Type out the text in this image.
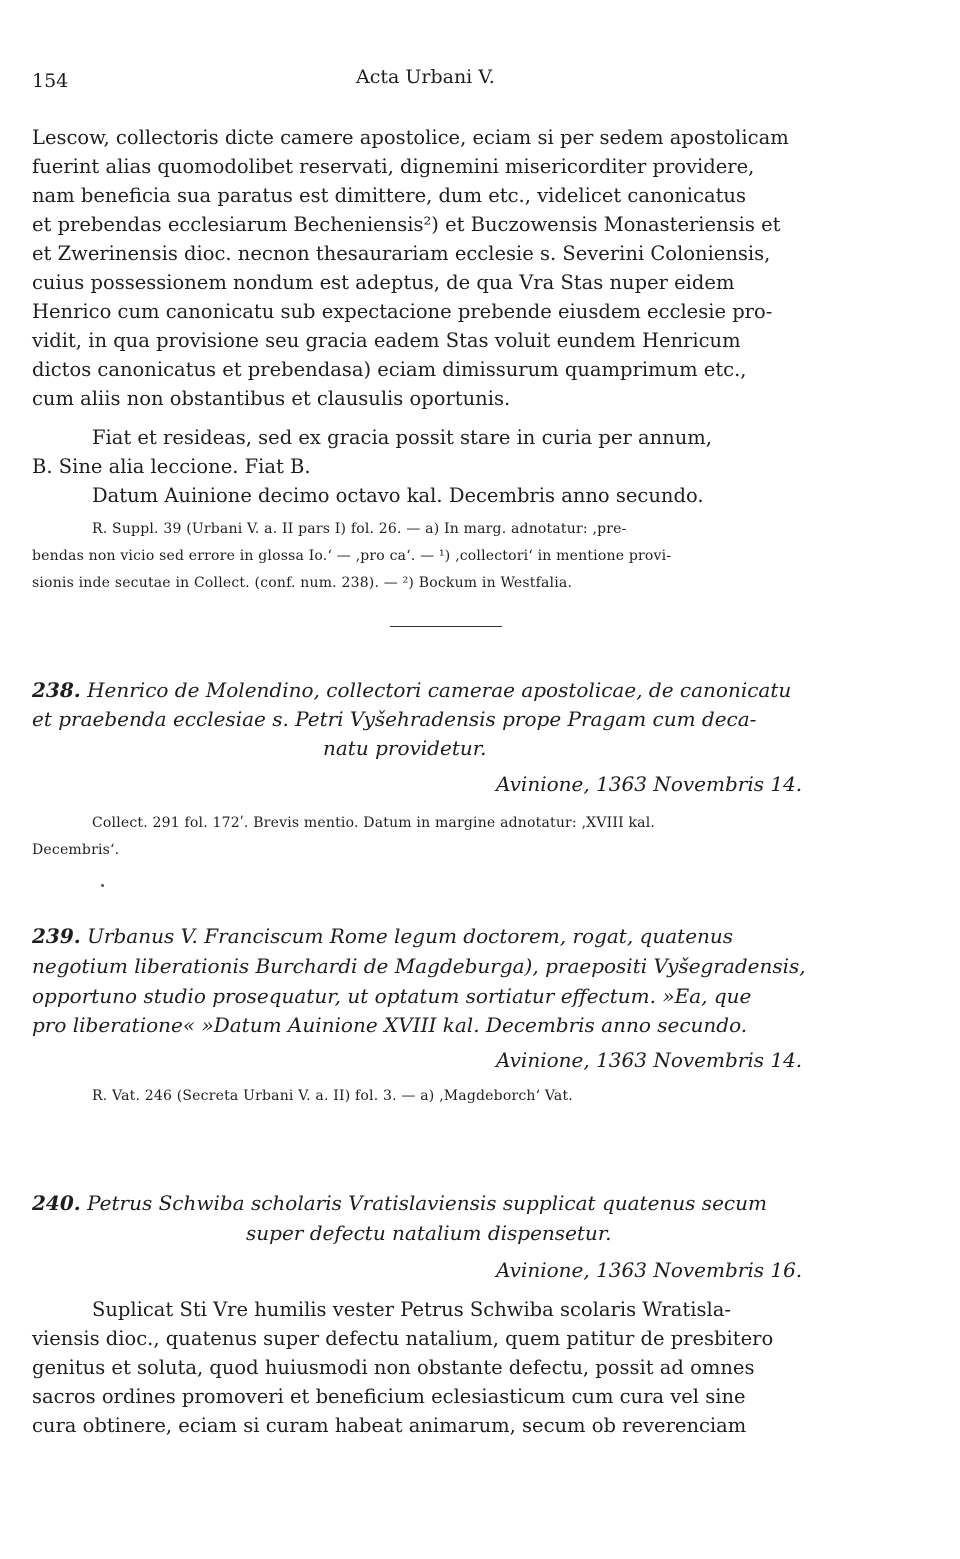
154	Acta Urbani V.
Lescow, collectoris dicte camere apostolice, eciam si per sedem apostolicam
fuerint alias quomodolibet reservati, dignemini misericorditer providere,
nam beneficia sua paratus est dimittere, dum etc., videlicet canonicatus
et prebendas ecclesiarum Becheniensis²) et Buczowensis Monasteriensis et
et Zwerinensis dioc. necnon thesaurariam ecclesie s. Severini Coloniensis,
cuius possessionem nondum est adeptus, de qua Vra Stas nuper eidem
Henrico cum canonicatu sub expectacione prebende eiusdem ecclesie pro-
vidit, in qua provisione seu gracia eadem Stas voluit eundem Henricum
dictos canonicatus et prebendasa) eciam dimissurum quamprimum etc.,
cum aliis non obstantibus et clausulis oportunis.
Fiat et resideas, sed ex gracia possit stare in curia per annum,
B. Sine alia leccione. Fiat B.
Datum Auinione decimo octavo kal. Decembris anno secundo.
R. Suppl. 39 (Urbani V. a. II pars I) fol. 26. — a) In marg. adnotatur: ‚pre-
bendas non vicio sed errore in glossa Io.‘ — ‚pro ca‘. — ¹) ‚collectori‘ in mentione provi-
sionis inde secutae in Collect. (conf. num. 238). — ²) Bockum in Westfalia.
238. Henrico de Molendino, collectori camerae apostolicae, de canonicatu
et praebenda ecclesiae s. Petri Vyšehradensis prope Pragam cum deca-
natu providetur.
Avinione, 1363 Novembris 14.
Collect. 291 fol. 172ʹ. Brevis mentio. Datum in margine adnotatur: ‚XVIII kal.
Decembris‘.
239. Urbanus V. Franciscum Rome legum doctorem, rogat, quatenus
negotium liberationis Burchardi de Magdeburga), praepositi Vyšegradensis,
opportuno studio prosequatur, ut optatum sortiatur effectum. »Ea, que
pro liberatione« »Datum Auinione XVIII kal. Decembris anno secundo.
Avinione, 1363 Novembris 14.
R. Vat. 246 (Secreta Urbani V. a. II) fol. 3. — a) ‚Magdeborch‘ Vat.
240. Petrus Schwiba scholaris Vratislaviensis supplicat quatenus secum
super defectu natalium dispensetur.
Avinione, 1363 Novembris 16.
Suplicat Sti Vre humilis vester Petrus Schwiba scolaris Wratisla-
viensis dioc., quatenus super defectu natalium, quem patitur de presbitero
genitus et soluta, quod huiusmodi non obstante defectu, possit ad omnes
sacros ordines promoveri et beneficium eclesiasticum cum cura vel sine
cura obtinere, eciam si curam habeat animarum, secum ob reverenciam
